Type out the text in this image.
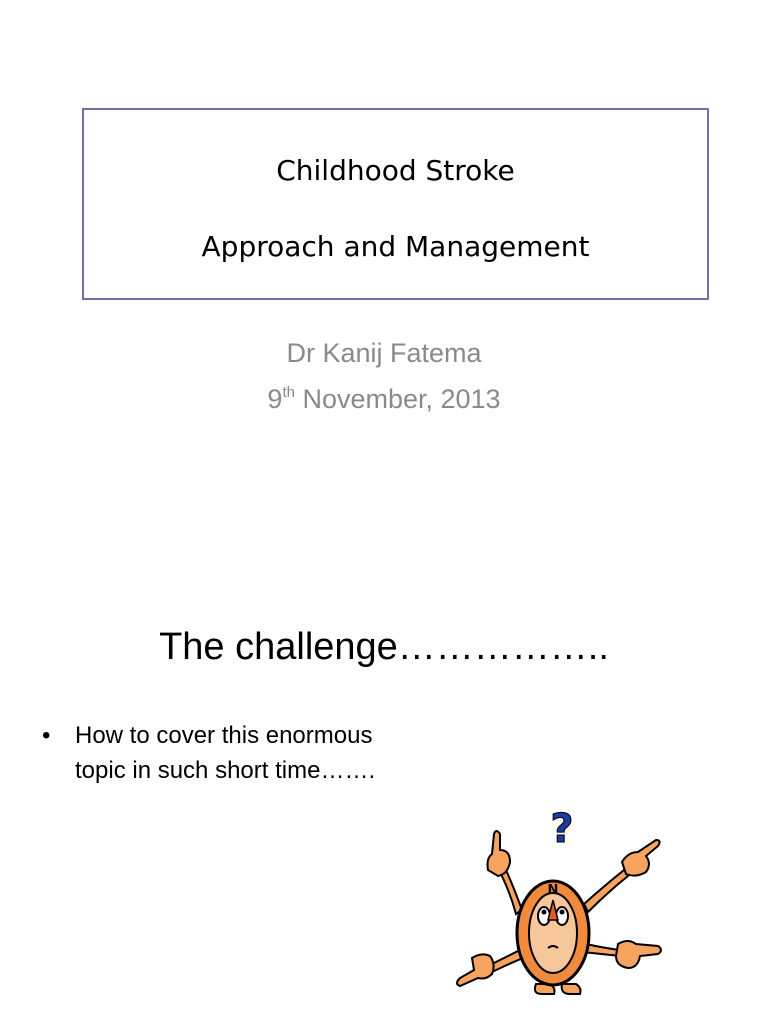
Childhood Stroke
Approach and Management
Dr Kanij Fatema
9th November, 2013
The challenge……………..
•	How to cover this enormous topic in such short time…….
N
?
